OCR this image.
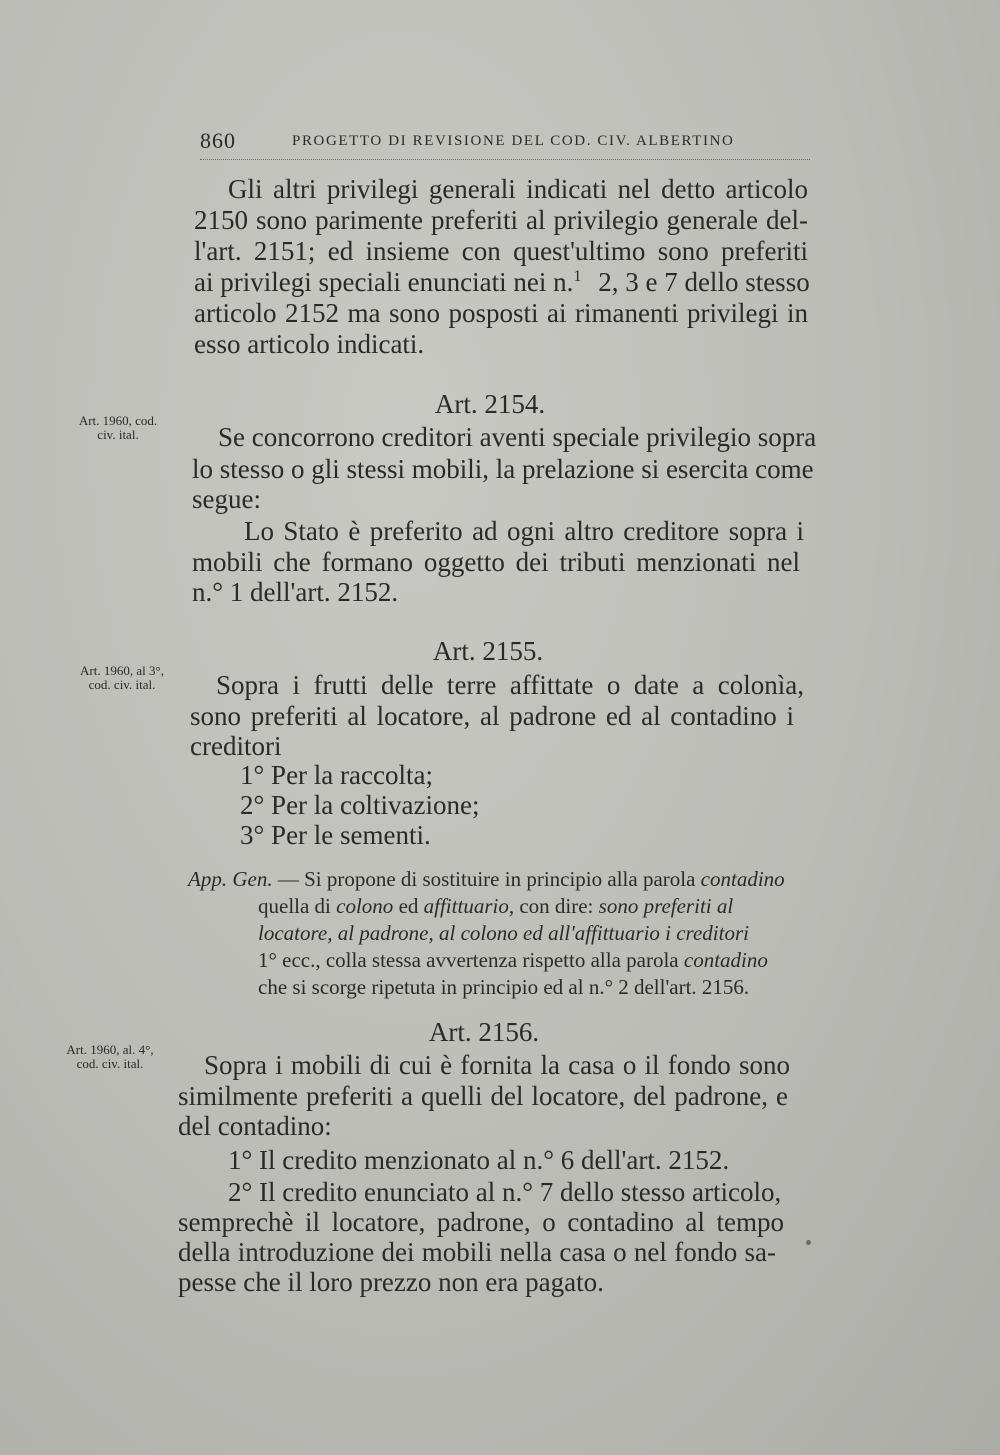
860	PROGETTO DI REVISIONE DEL COD. CIV. ALBERTINO
Gli altri privilegi generali indicati nel detto articolo
2150 sono parimente preferiti al privilegio generale del-
l'art. 2151; ed insieme con quest'ultimo sono preferiti
ai privilegi speciali enunciati nei n.$^1$ 2, 3 e 7 dello stesso
articolo 2152 ma sono posposti ai rimanenti privilegi in
esso articolo indicati.
Art. 2154.
Art. 1960, cod.
civ. ital.	Se concorrono creditori aventi speciale privilegio sopra
lo stesso o gli stessi mobili, la prelazione si esercita come
segue:
Lo Stato è preferito ad ogni altro creditore sopra i
mobili che formano oggetto dei tributi menzionati nel
n.° 1 dell'art. 2152.
Art. 2155.
Art. 1960, al 3°,
cod. civ. ital.	Sopra i frutti delle terre affittate o date a colonìa,
sono preferiti al locatore, al padrone ed al contadino i
creditori
1° Per la raccolta;
2° Per la coltivazione;
3° Per le sementi.
App. Gen. — Si propone di sostituire in principio alla parola contadino
quella di colono ed affittuario, con dire: sono preferiti al
locatore, al padrone, al colono ed all'affittuario i creditori
1° ecc., colla stessa avvertenza rispetto alla parola contadino
che si scorge ripetuta in principio ed al n.° 2 dell'art. 2156.
Art. 2156.
Art. 1960, al. 4°,
cod. civ. ital.	Sopra i mobili di cui è fornita la casa o il fondo sono
similmente preferiti a quelli del locatore, del padrone, e
del contadino:
1° Il credito menzionato al n.° 6 dell'art. 2152.
2° Il credito enunciato al n.° 7 dello stesso articolo,
semprechè il locatore, padrone, o contadino al tempo
della introduzione dei mobili nella casa o nel fondo sa-
pesse che il loro prezzo non era pagato.
